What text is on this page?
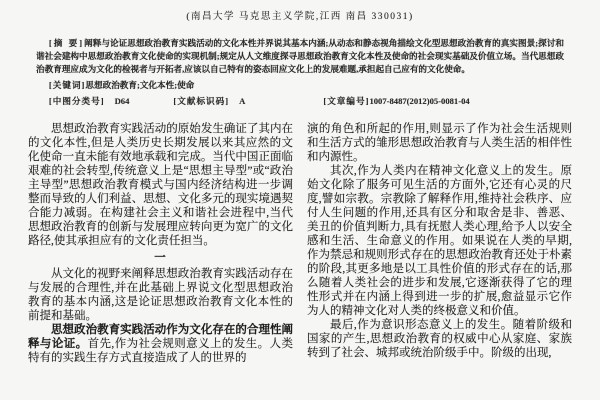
(南昌大学 马克思主义学院,江西 南昌 330031)
[摘 要]阐释与论证思想政治教育实践活动的文化本性并界说其基本内涵;从动态和静态视角描绘文化型思想政治教育的真实图景;探讨和谐社会建构中思想政治教育文化使命的实现机制;规定从人文维度探寻思想政治教育文化本性及使命的社会现实基础及价值立场。当代思想政治教育理应成为文化的检视者与开拓者,应该以自己特有的姿态回应文化上的发展难题,承担起自己应有的文化使命。
[关键词]思想政治教育;文化本性;使命
[中图分类号] D64	[文献标识码] A	[文章编号] 1007-8487(2012)05-0081-04

思想政治教育实践活动的原始发生确证了其内在的文化本性,但是人类历史长期发展以来其应然的文化使命一直未能有效地承载和完成。当代中国正面临艰难的社会转型,传统意义上是“思想主导型”或“政治主导型”思想政治教育模式与国内经济结构进一步调整而导致的人们利益、思想、文化多元的现实境遇契合能力减弱。在构建社会主义和谐社会进程中,当代思想政治教育的创新与发展理应转向更为宽广的文化路径,使其承担应有的文化责任担当。

一

从文化的视野来阐释思想政治教育实践活动存在与发展的合理性,并在此基础上界说文化型思想政治教育的基本内涵,这是论证思想政治教育文化本性的前提和基础。

思想政治教育实践活动作为文化存在的合理性阐释与论证。首先,作为社会规则意义上的发生。人类特有的实践生存方式直接造成了人的世界的

演的角色和所起的作用,则显示了作为社会生活规则和生活方式的雏形思想政治教育与人类生活的相伴性和内源性。

其次,作为人类内在精神文化意义上的发生。原始文化除了服务可见生活的方面外,它还有心灵的尺度,譬如宗教。宗教除了解释作用,维持社会秩序、应付人生问题的作用,还具有区分和取舍是非、善恶、美丑的价值判断力,具有抚慰人类心理,给予人以安全感和生活、生命意义的作用。如果说在人类的早期,作为禁忌和规则形式存在的思想政治教育还处于朴素的阶段,其更多地是以工具性价值的形式存在的话,那么随着人类社会的进步和发展,它逐渐获得了它的理性形式并在内涵上得到进一步的扩展,愈益显示它作为人的精神文化对人类的终极意义和价值。

最后,作为意识形态意义上的发生。随着阶级和国家的产生,思想政治教育的权威中心从家庭、家族转到了社会、城邦或统治阶级手中。阶级的出现,
